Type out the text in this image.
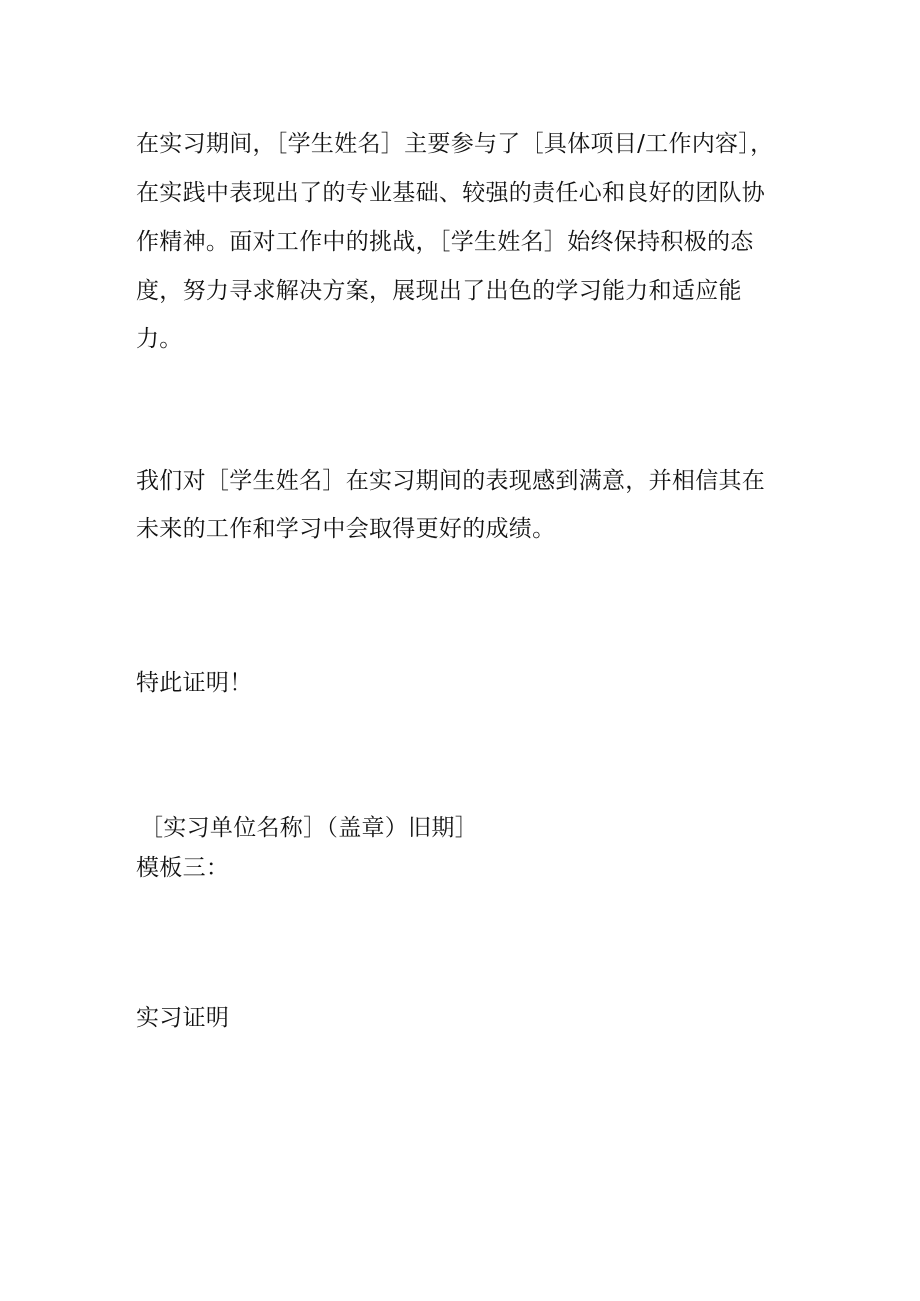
在实习期间，［学生姓名］主要参与了［具体项目/工作内容］，
在实践中表现出了的专业基础、较强的责任心和良好的团队协
作精神。面对工作中的挑战，［学生姓名］始终保持积极的态
度，努力寻求解决方案，展现出了出色的学习能力和适应能
力。
我们对［学生姓名］在实习期间的表现感到满意，并相信其在
未来的工作和学习中会取得更好的成绩。
特此证明！
［实习单位名称］（盖章）旧期］
模板三：
实习证明
